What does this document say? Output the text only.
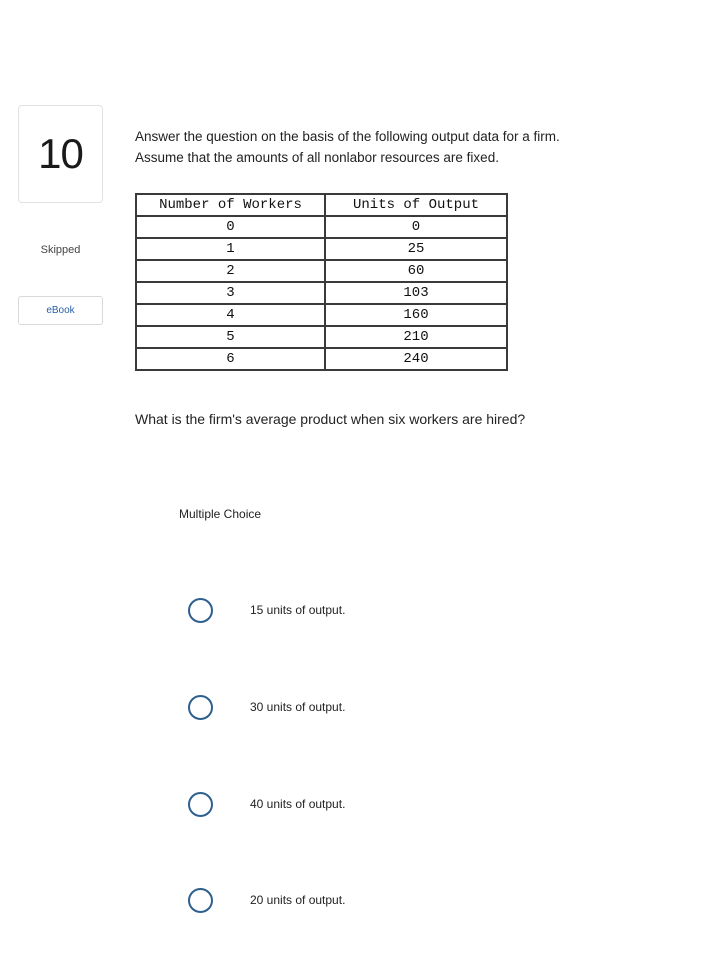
10
Skipped
eBook

Answer the question on the basis of the following output data for a firm.

Assume that the amounts of all nonlabor resources are fixed.

Number of Workers	Units of Output
0	0
1	25
2	60
3	103
4	160
5	210
6	240
What is the firm's average product when six workers are hired?
Multiple Choice
15 units of output.
30 units of output.
40 units of output.
20 units of output.
